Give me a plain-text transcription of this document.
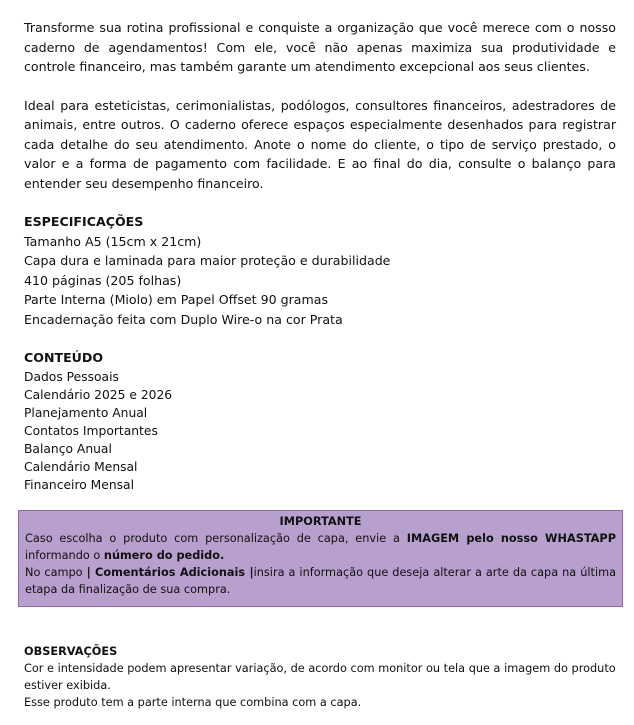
Transforme sua rotina profissional e conquiste a organização que você merece com o nosso caderno de agendamentos! Com ele, você não apenas maximiza sua produtividade e controle financeiro, mas também garante um atendimento excepcional aos seus clientes.

Ideal para esteticistas, cerimonialistas, podólogos, consultores financeiros, adestradores de animais, entre outros. O caderno oferece espaços especialmente desenhados para registrar cada detalhe do seu atendimento. Anote o nome do cliente, o tipo de serviço prestado, o valor e a forma de pagamento com facilidade. E ao final do dia, consulte o balanço para entender seu desempenho financeiro.

ESPECIFICAÇÕES

Tamanho A5 (15cm x 21cm)

Capa dura e laminada para maior proteção e durabilidade

410 páginas (205 folhas)

Parte Interna (Miolo) em Papel Offset 90 gramas

Encadernação feita com Duplo Wire-o na cor Prata

CONTEÚDO

Dados Pessoais

Calendário 2025 e 2026

Planejamento Anual

Contatos Importantes

Balanço Anual

Calendário Mensal

Financeiro Mensal

IMPORTANTE

Caso escolha o produto com personalização de capa, envie a IMAGEM pelo nosso WHASTAPP informando o número do pedido.

No campo | Comentários Adicionais |insira a informação que deseja alterar a arte da capa na última etapa da finalização de sua compra.

OBSERVAÇÕES

Cor e intensidade podem apresentar variação, de acordo com monitor ou tela que a imagem do produto estiver exibida.

Esse produto tem a parte interna que combina com a capa.
